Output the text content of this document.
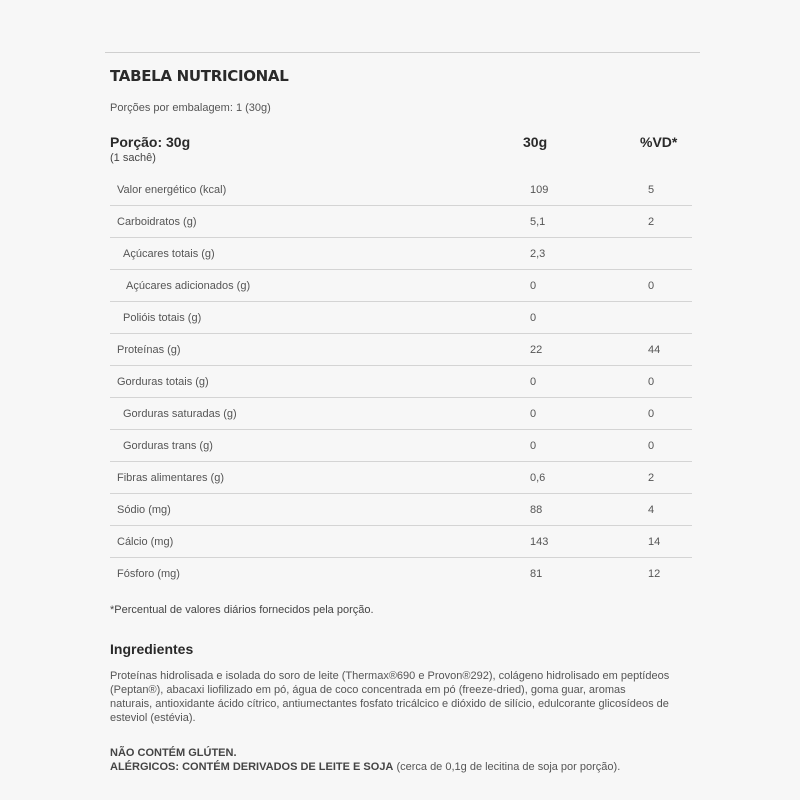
TABELA NUTRICIONAL
Porções por embalagem: 1 (30g)
Porção: 30g
(1 sachê)
30g	%VD*
Valor energético (kcal)	109	5
Carboidratos (g)	5,1	2
Açúcares totais (g)	2,3
Açúcares adicionados (g)	0	0
Polióis totais (g)	0
Proteínas (g)	22	44
Gorduras totais (g)	0	0
Gorduras saturadas (g)	0	0
Gorduras trans (g)	0	0
Fibras alimentares (g)	0,6	2
Sódio (mg)	88	4
Cálcio (mg)	143	14
Fósforo (mg)	81	12
*Percentual de valores diários fornecidos pela porção.
Ingredientes
Proteínas hidrolisada e isolada do soro de leite (Thermax®690 e Provon®292), colágeno hidrolisado em peptídeos (Peptan®), abacaxi liofilizado em pó, água de coco concentrada em pó (freeze-dried), goma guar, aromas naturais, antioxidante ácido cítrico, antiumectantes fosfato tricálcico e dióxido de silício, edulcorante glicosídeos de esteviol (estévia).
NÃO CONTÉM GLÚTEN.
ALÉRGICOS: CONTÉM DERIVADOS DE LEITE E SOJA (cerca de 0,1g de lecitina de soja por porção).
